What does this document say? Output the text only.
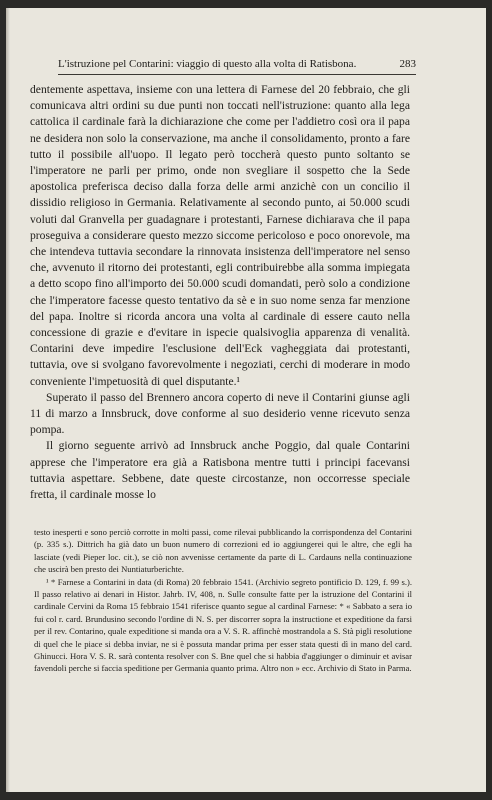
L'istruzione pel Contarini: viaggio di questo alla volta di Ratisbona.	283

dentemente aspettava, insieme con una lettera di Farnese del 20 febbraio, che gli comunicava altri ordini su due punti non toccati nell'istruzione: quanto alla lega cattolica il cardinale farà la dichiarazione che come per l'addietro così ora il papa ne desidera non solo la conservazione, ma anche il consolidamento, pronto a fare tutto il possibile all'uopo. Il legato però toccherà questo punto soltanto se l'imperatore ne parli per primo, onde non svegliare il sospetto che la Sede apostolica preferisca deciso dalla forza delle armi anzichè con un concilio il dissidio religioso in Germania. Relativamente al secondo punto, ai 50.000 scudi voluti dal Granvella per guadagnare i protestanti, Farnese dichiarava che il papa proseguiva a considerare questo mezzo siccome pericoloso e poco onorevole, ma che intendeva tuttavia secondare la rinnovata insistenza dell'imperatore nel senso che, avvenuto il ritorno dei protestanti, egli contribuirebbe alla somma impiegata a detto scopo fino all'importo dei 50.000 scudi domandati, però solo a condizione che l'imperatore facesse questo tentativo da sè e in suo nome senza far menzione del papa. Inoltre si ricorda ancora una volta al cardinale di essere cauto nella concessione di grazie e d'evitare in ispecie qualsivoglia apparenza di venalità. Contarini deve impedire l'esclusione dell'Eck vagheggiata dai protestanti, tuttavia, ove si svolgano favorevolmente i negoziati, cerchi di moderare in modo conveniente l'impetuosità di quel disputante.¹

Superato il passo del Brennero ancora coperto di neve il Contarini giunse agli 11 di marzo a Innsbruck, dove conforme al suo desiderio venne ricevuto senza pompa.

Il giorno seguente arrivò ad Innsbruck anche Poggio, dal quale Contarini apprese che l'imperatore era già a Ratisbona mentre tutti i principi facevansi tuttavia aspettare. Sebbene, date queste circostanze, non occorresse speciale fretta, il cardinale mosse lo

testo inesperti e sono perciò corrotte in molti passi, come rilevai pubblicando la corrispondenza del Contarini (p. 335 s.). Dittrich ha già dato un buon numero di correzioni ed io aggiungerei qui le altre, che egli ha lasciate (vedi Pieper loc. cit.), se ciò non avvenisse certamente da parte di L. Cardauns nella continuazione che uscirà ben presto dei Nuntiaturberichte.

¹ * Farnese a Contarini in data (di Roma) 20 febbraio 1541. (Archivio segreto pontificio D. 129, f. 99 s.). Il passo relativo ai denari in Histor. Jahrb. IV, 408, n. Sulle consulte fatte per la istruzione del Contarini il cardinale Cervini da Roma 15 febbraio 1541 riferisce quanto segue al cardinal Farnese: * « Sabbato a sera io fui col r. card. Brundusino secondo l'ordine di N. S. per discorrer sopra la instructione et expeditione da farsi per il rev. Contarino, quale expeditione si manda ora a V. S. R. affinchè mostrandola a S. Stà pigli resolutione di quel che le piace si debba inviar, ne si è possuta mandar prima per esser stata questi dì in mano del card. Ghinucci. Hora V. S. R. sarà contenta resolver con S. Bne quel che si habbia d'aggiunger o diminuir et avisar favendoli perche si faccia speditione per Germania quanto prima. Altro non » ecc. Archivio di Stato in Parma.
